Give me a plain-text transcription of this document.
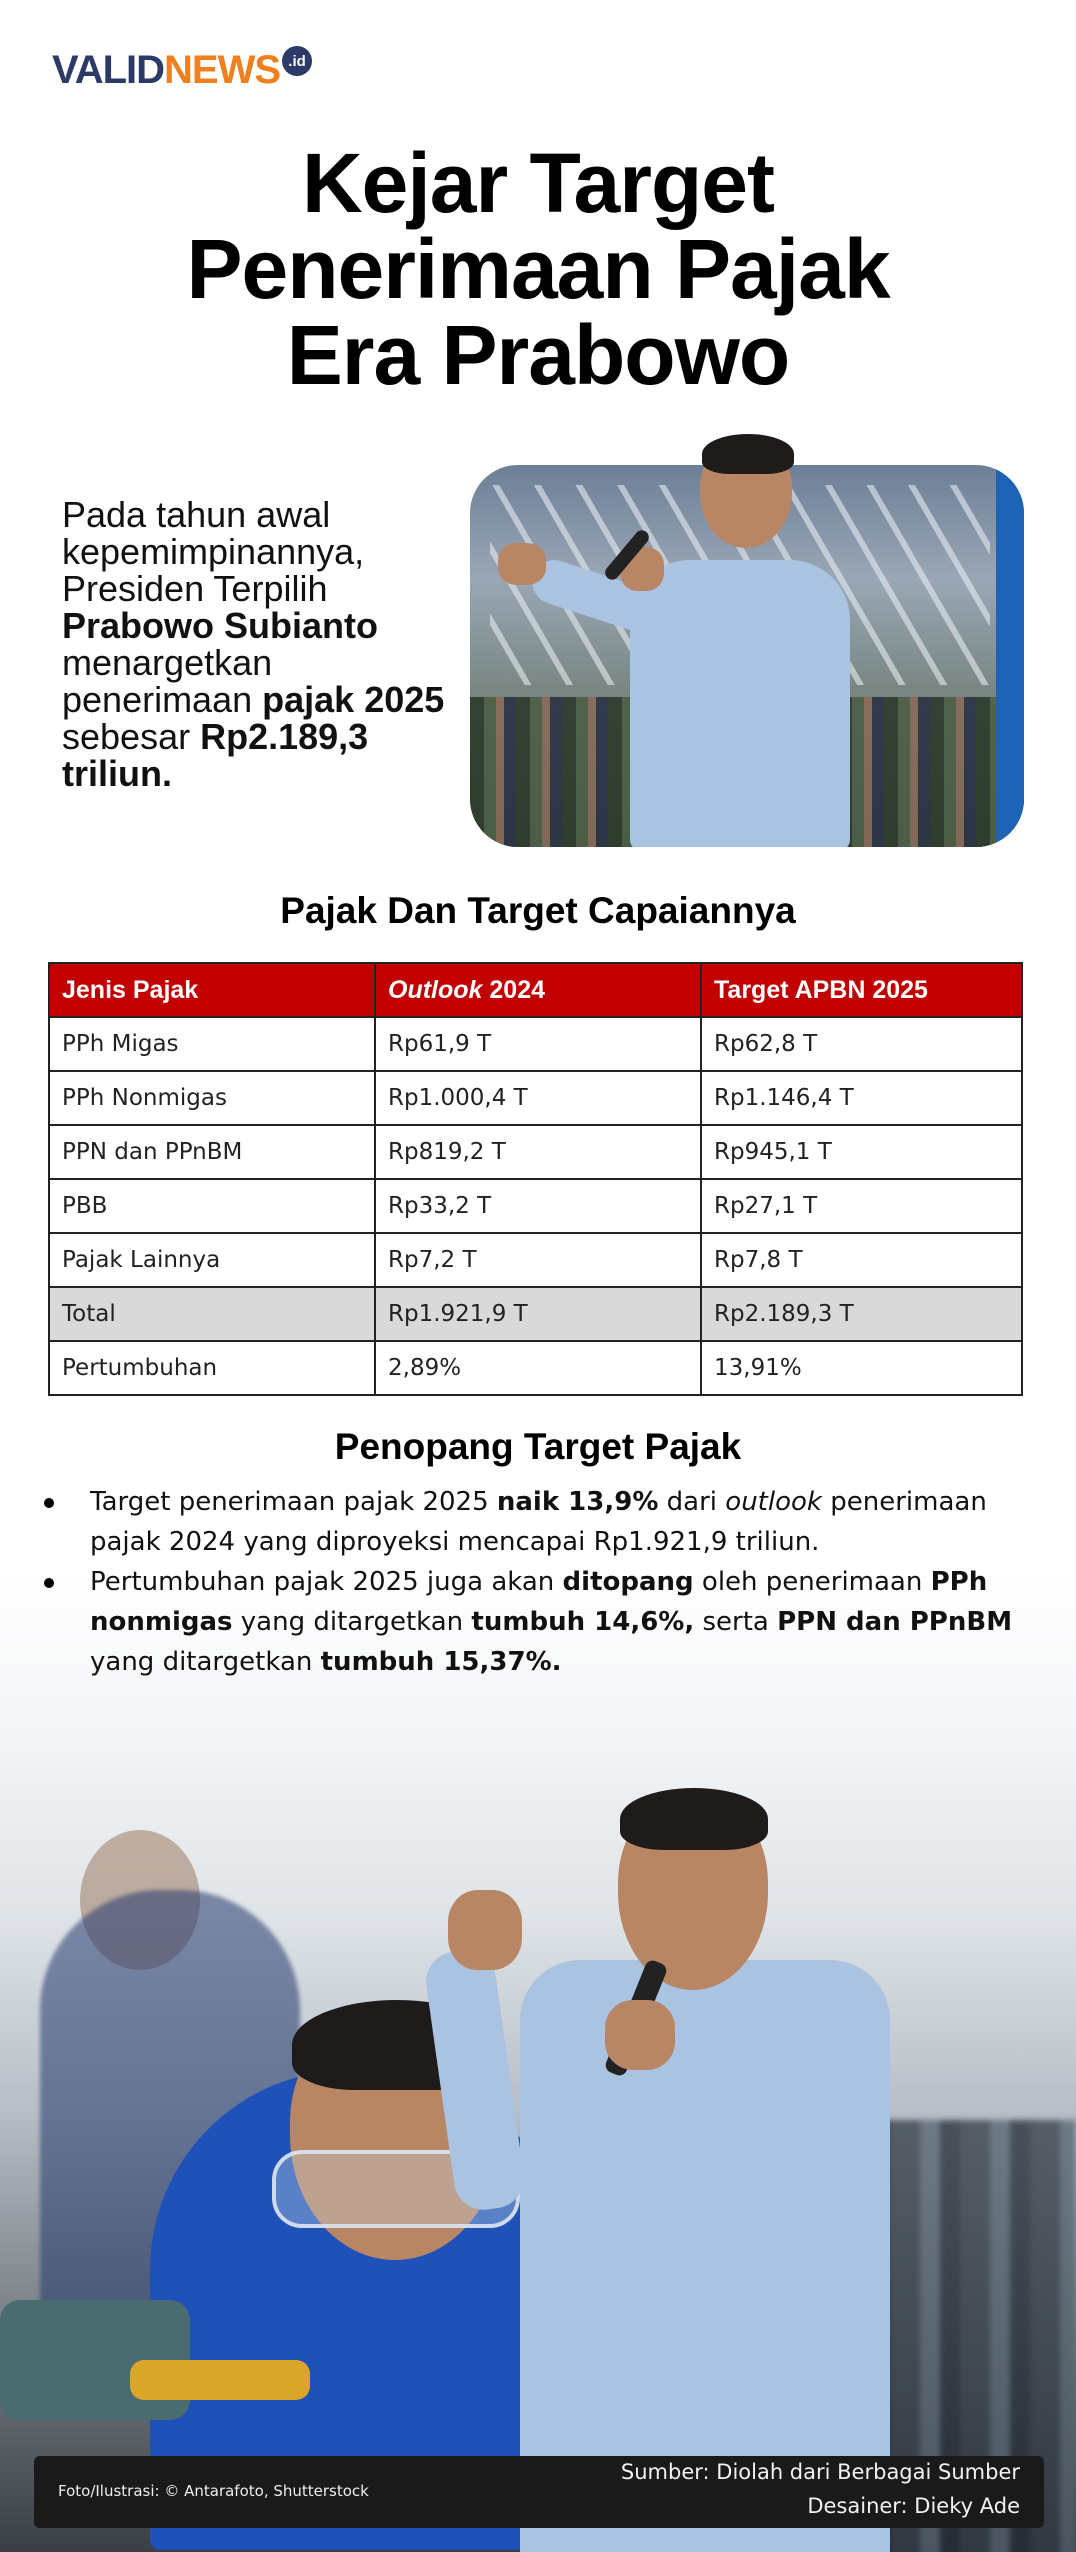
VALIDNEWS .id
Kejar Target
Penerimaan Pajak
Era Prabowo
Pada tahun awal kepemimpinannya, Presiden Terpilih Prabowo Subianto menargetkan penerimaan pajak 2025 sebesar Rp2.189,3 triliun.
Pajak Dan Target Capaiannya
Jenis Pajak	Outlook 2024	Target APBN 2025
PPh Migas	Rp61,9 T	Rp62,8 T
PPh Nonmigas	Rp1.000,4 T	Rp1.146,4 T
PPN dan PPnBM	Rp819,2 T	Rp945,1 T
PBB	Rp33,2 T	Rp27,1 T
Pajak Lainnya	Rp7,2 T	Rp7,8 T
Total	Rp1.921,9 T	Rp2.189,3 T
Pertumbuhan	2,89%	13,91%
Penopang Target Pajak
Target penerimaan pajak 2025 naik 13,9% dari outlook penerimaan pajak 2024 yang diproyeksi mencapai Rp1.921,9 triliun.
Pertumbuhan pajak 2025 juga akan ditopang oleh penerimaan PPh nonmigas yang ditargetkan tumbuh 14,6%, serta PPN dan PPnBM yang ditargetkan tumbuh 15,37%.
Foto/Ilustrasi: © Antarafoto, Shutterstock
Sumber: Diolah dari Berbagai Sumber
Desainer: Dieky Ade
